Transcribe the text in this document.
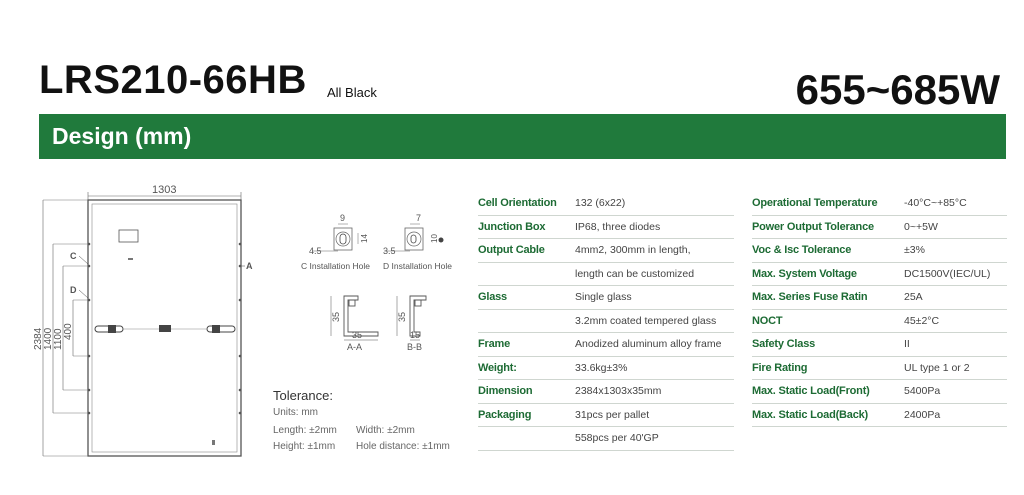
LRS210-66HB All Black	655~685W
Design (mm)
1303
2384 1400 1100 400
C
D
A
9
4.5
14
C Installation Hole
7
3.5
10
D Installation Hole
35
35
A-A
35
15
B-B
Tolerance:
Units: mm
Length: ±2mm Width: ±2mm
Height: ±1mm Hole distance: ±1mm
Cell Orientation 132 (6x22)
Junction Box	IP68, three diodes
Output Cable	4mm2, 300mm in length,
length can be customized
Glass	Single glass
3.2mm coated tempered glass
Frame	Anodized aluminum alloy frame
Weight:	33.6kg±3%
Dimension	2384x1303x35mm
Packaging	31pcs per pallet
558pcs per 40'GP
Operational Temperature	-40°C~+85°C
Power Output Tolerance	0~+5W
Voc & Isc Tolerance	±3%
Max. System Voltage	DC1500V(IEC/UL)
Max. Series Fuse Ratin	25A
NOCT	45±2°C
Safety Class	II
Fire Rating	UL type 1 or 2
Max. Static Load(Front)	5400Pa
Max. Static Load(Back)	2400Pa
